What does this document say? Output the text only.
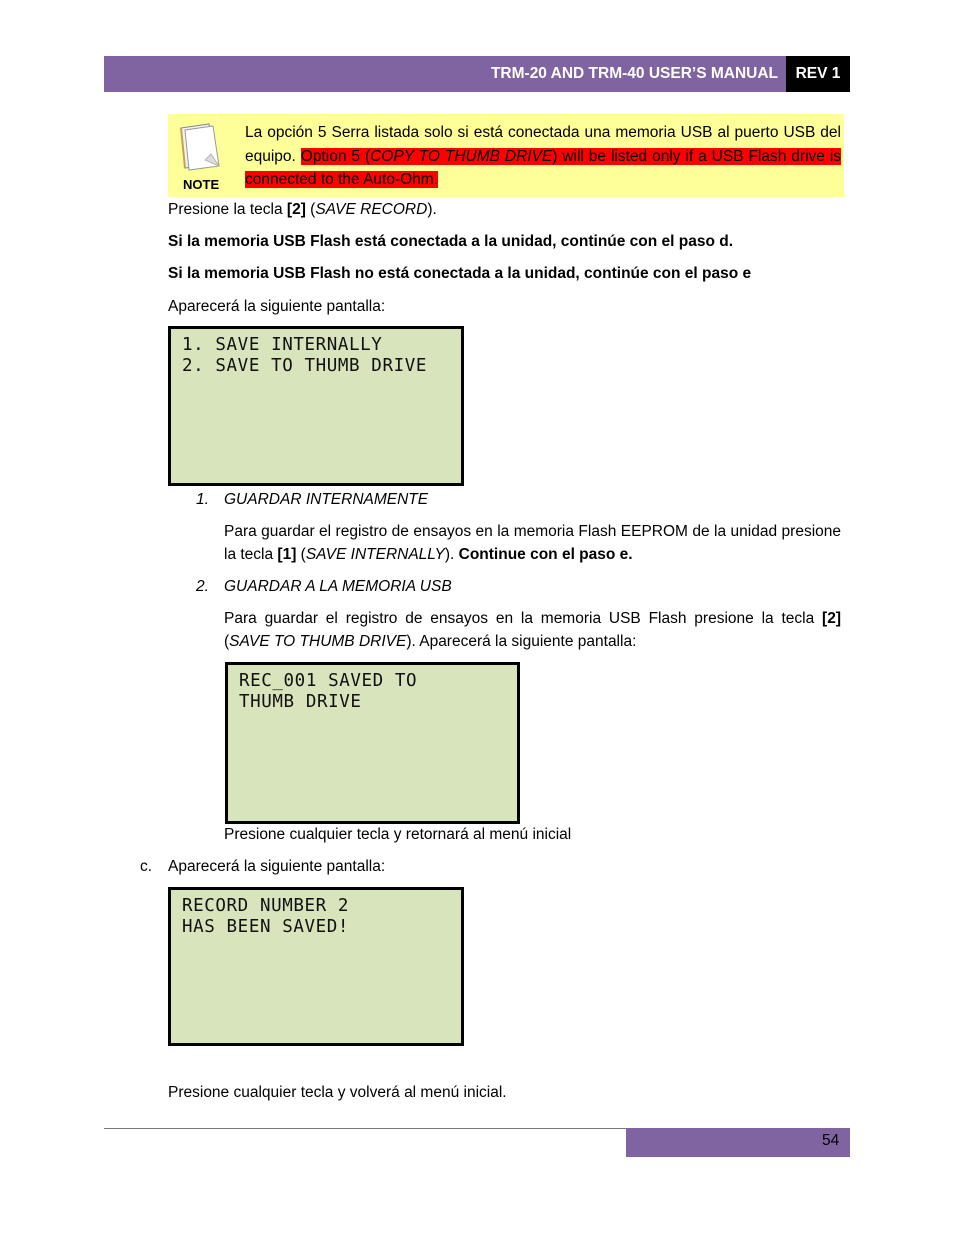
TRM-20 AND TRM-40 USER’S MANUAL	REV 1
NOTE
La opción 5 Serra listada solo si está conectada una memoria USB al puerto USB del equipo. Option 5 (COPY TO THUMB DRIVE) will be listed only if a USB Flash drive is connected to the Auto-Ohm.
Presione la tecla [2] (SAVE RECORD).
Si la memoria USB Flash está conectada a la unidad, continúe con el paso d.
Si la memoria USB Flash no está conectada a la unidad, continúe con el paso e
Aparecerá la siguiente pantalla:
1. SAVE INTERNALLY
2. SAVE TO THUMB DRIVE
1. GUARDAR INTERNAMENTE
Para guardar el registro de ensayos en la memoria Flash EEPROM de la unidad presione la tecla [1] (SAVE INTERNALLY). Continue con el paso e.
2. GUARDAR A LA MEMORIA USB
Para guardar el registro de ensayos en la memoria USB Flash presione la tecla [2] (SAVE TO THUMB DRIVE). Aparecerá la siguiente pantalla:
REC_001 SAVED TO
THUMB DRIVE
Presione cualquier tecla y retornará al menú inicial
c. Aparecerá la siguiente pantalla:
RECORD NUMBER 2
HAS BEEN SAVED!
Presione cualquier tecla y volverá al menú inicial.
54
